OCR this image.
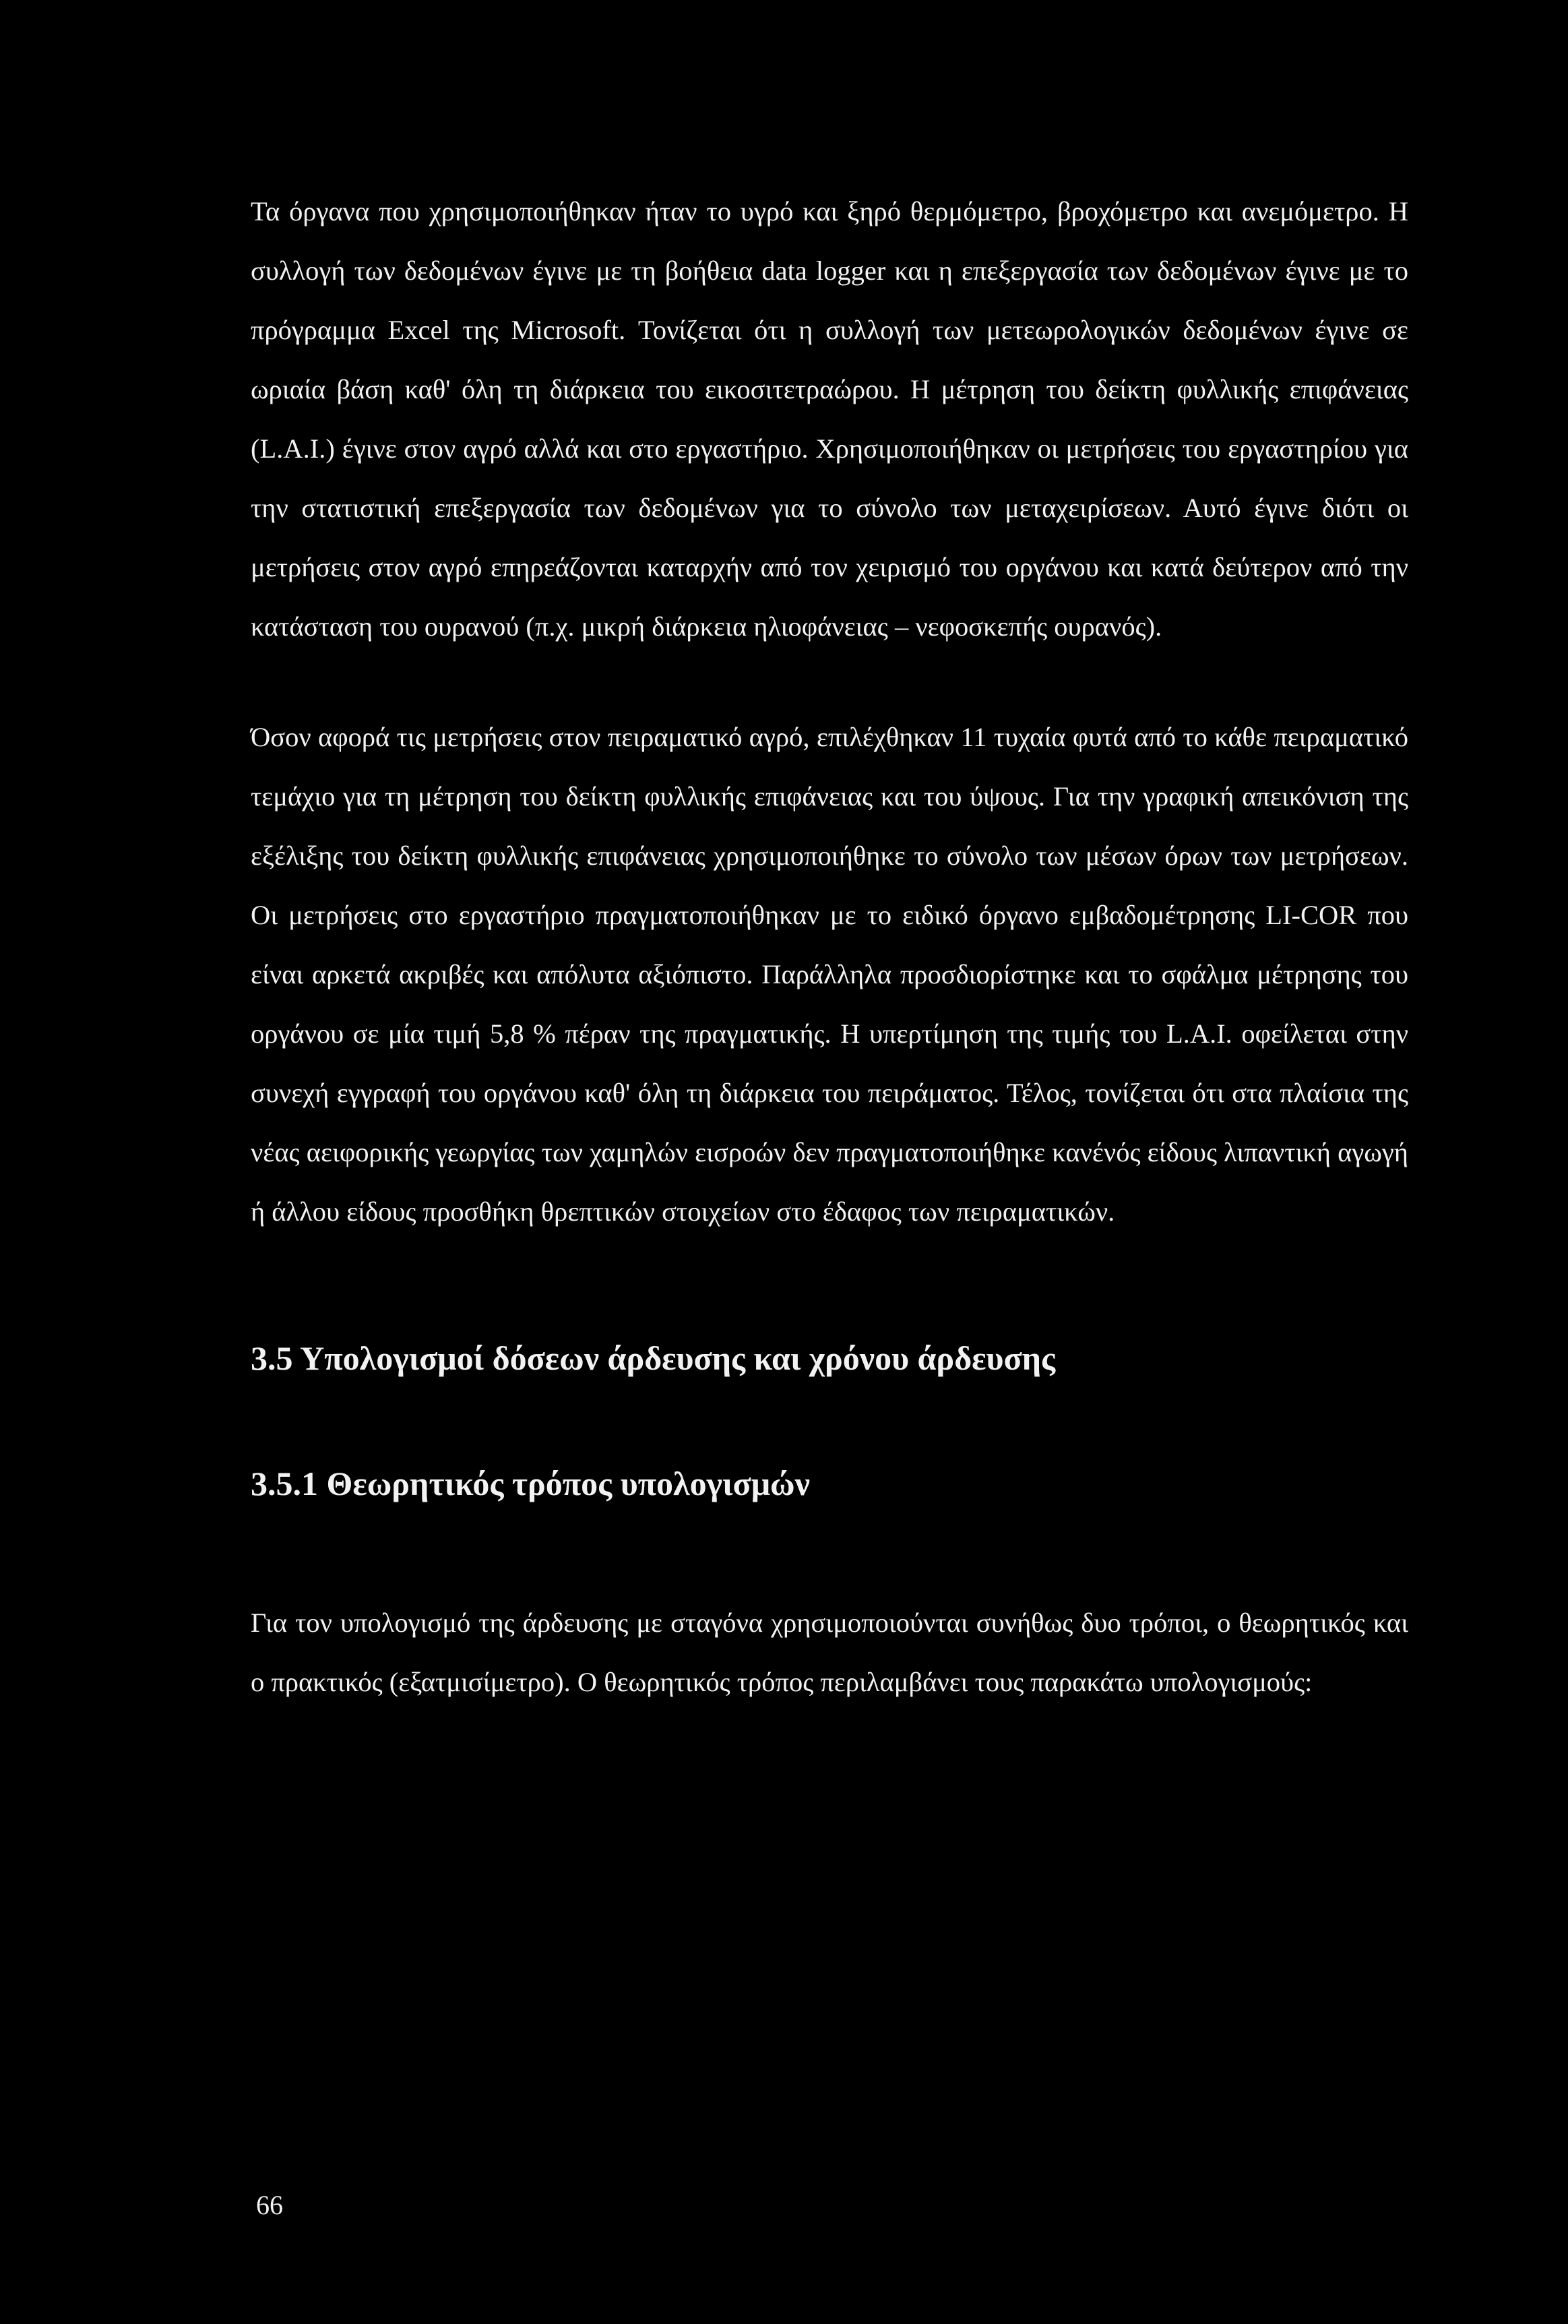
Τα όργανα που χρησιμοποιήθηκαν ήταν το υγρό και ξηρό θερμόμετρο, βροχόμετρο και ανεμόμετρο. Η συλλογή των δεδομένων έγινε με τη βοήθεια data logger και η επεξεργασία των δεδομένων έγινε με το πρόγραμμα Excel της Microsoft. Τονίζεται ότι η συλλογή των μετεωρολογικών δεδομένων έγινε σε ωριαία βάση καθ' όλη τη διάρκεια του εικοσιτετραώρου. Η μέτρηση του δείκτη φυλλικής επιφάνειας (L.A.I.) έγινε στον αγρό αλλά και στο εργαστήριο. Χρησιμοποιήθηκαν οι μετρήσεις του εργαστηρίου για την στατιστική επεξεργασία των δεδομένων για το σύνολο των μεταχειρίσεων. Αυτό έγινε διότι οι μετρήσεις στον αγρό επηρεάζονται καταρχήν από τον χειρισμό του οργάνου και κατά δεύτερον από την κατάσταση του ουρανού (π.χ. μικρή διάρκεια ηλιοφάνειας – νεφοσκεπής ουρανός).

Όσον αφορά τις μετρήσεις στον πειραματικό αγρό, επιλέχθηκαν 11 τυχαία φυτά από το κάθε πειραματικό τεμάχιο για τη μέτρηση του δείκτη φυλλικής επιφάνειας και του ύψους. Για την γραφική απεικόνιση της εξέλιξης του δείκτη φυλλικής επιφάνειας χρησιμοποιήθηκε το σύνολο των μέσων όρων των μετρήσεων. Οι μετρήσεις στο εργαστήριο πραγματοποιήθηκαν με το ειδικό όργανο εμβαδομέτρησης LI-COR που είναι αρκετά ακριβές και απόλυτα αξιόπιστο. Παράλληλα προσδιορίστηκε και το σφάλμα μέτρησης του οργάνου σε μία τιμή 5,8 % πέραν της πραγματικής. Η υπερτίμηση της τιμής του L.A.I. οφείλεται στην συνεχή εγγραφή του οργάνου καθ' όλη τη διάρκεια του πειράματος. Τέλος, τονίζεται ότι στα πλαίσια της νέας αειφορικής γεωργίας των χαμηλών εισροών δεν πραγματοποιήθηκε κανένός είδους λιπαντική αγωγή ή άλλου είδους προσθήκη θρεπτικών στοιχείων στο έδαφος των πειραματικών.

3.5 Υπολογισμοί δόσεων άρδευσης και χρόνου άρδευσης
3.5.1 Θεωρητικός τρόπος υπολογισμών

Για τον υπολογισμό της άρδευσης με σταγόνα χρησιμοποιούνται συνήθως δυο τρόποι, ο θεωρητικός και ο πρακτικός (εξατμισίμετρο). Ο θεωρητικός τρόπος περιλαμβάνει τους παρακάτω υπολογισμούς:

66
